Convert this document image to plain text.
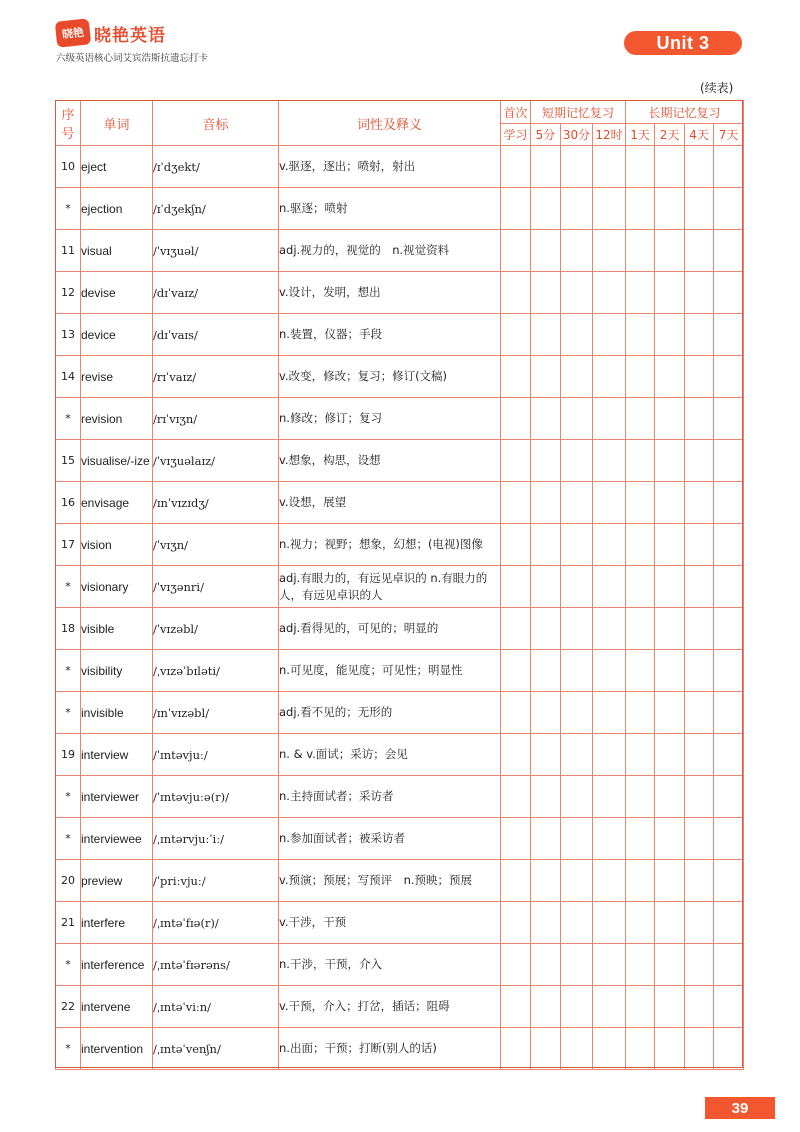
晓艳 晓艳英语
六级英语核心词艾宾浩斯抗遗忘打卡
Unit 3
(续表)
序号	单词	音标	词性及释义	首次	短期记忆复习			长期记忆复习			
				学习	5分	30分	12时	1天	2天	4天	7天
10	eject	/ɪˈdʒekt/	v.驱逐，逐出；喷射，射出								
*	ejection	/ɪˈdʒekʃn/	n.驱逐；喷射								
11	visual	/ˈvɪʒuəl/	adj.视力的，视觉的　n.视觉资料								
12	devise	/dɪˈvaɪz/	v.设计，发明，想出								
13	device	/dɪˈvaɪs/	n.装置，仪器；手段								
14	revise	/rɪˈvaɪz/	v.改变，修改；复习；修订(文稿)								
*	revision	/rɪˈvɪʒn/	n.修改；修订；复习								
15	visualise/-ize	/ˈvɪʒuəlaɪz/	v.想象，构思，设想								
16	envisage	/ɪnˈvɪzɪdʒ/	v.设想，展望								
17	vision	/ˈvɪʒn/	n.视力；视野；想象，幻想；(电视)图像								
*	visionary	/ˈvɪʒənri/	adj.有眼力的，有远见卓识的 n.有眼力的人，有远见卓识的人								
18	visible	/ˈvɪzəbl/	adj.看得见的，可见的；明显的								
*	visibility	/ˌvɪzəˈbɪləti/	n.可见度，能见度；可见性；明显性								
*	invisible	/ɪnˈvɪzəbl/	adj.看不见的；无形的								
19	interview	/ˈɪntəvjuː/	n. & v.面试；采访；会见								
*	interviewer	/ˈɪntəvjuːə(r)/	n.主持面试者；采访者								
*	interviewee	/ˌɪntərvjuːˈiː/	n.参加面试者；被采访者								
20	preview	/ˈpriːvjuː/	v.预演；预展；写预评　n.预映；预展								
21	interfere	/ˌɪntəˈfɪə(r)/	v.干涉，干预								
*	interference	/ˌɪntəˈfɪərəns/	n.干涉，干预，介入								
22	intervene	/ˌɪntəˈviːn/	v.干预，介入；打岔，插话；阻碍								
*	intervention	/ˌɪntəˈvenʃn/	n.出面；干预；打断(别人的话)								
39
